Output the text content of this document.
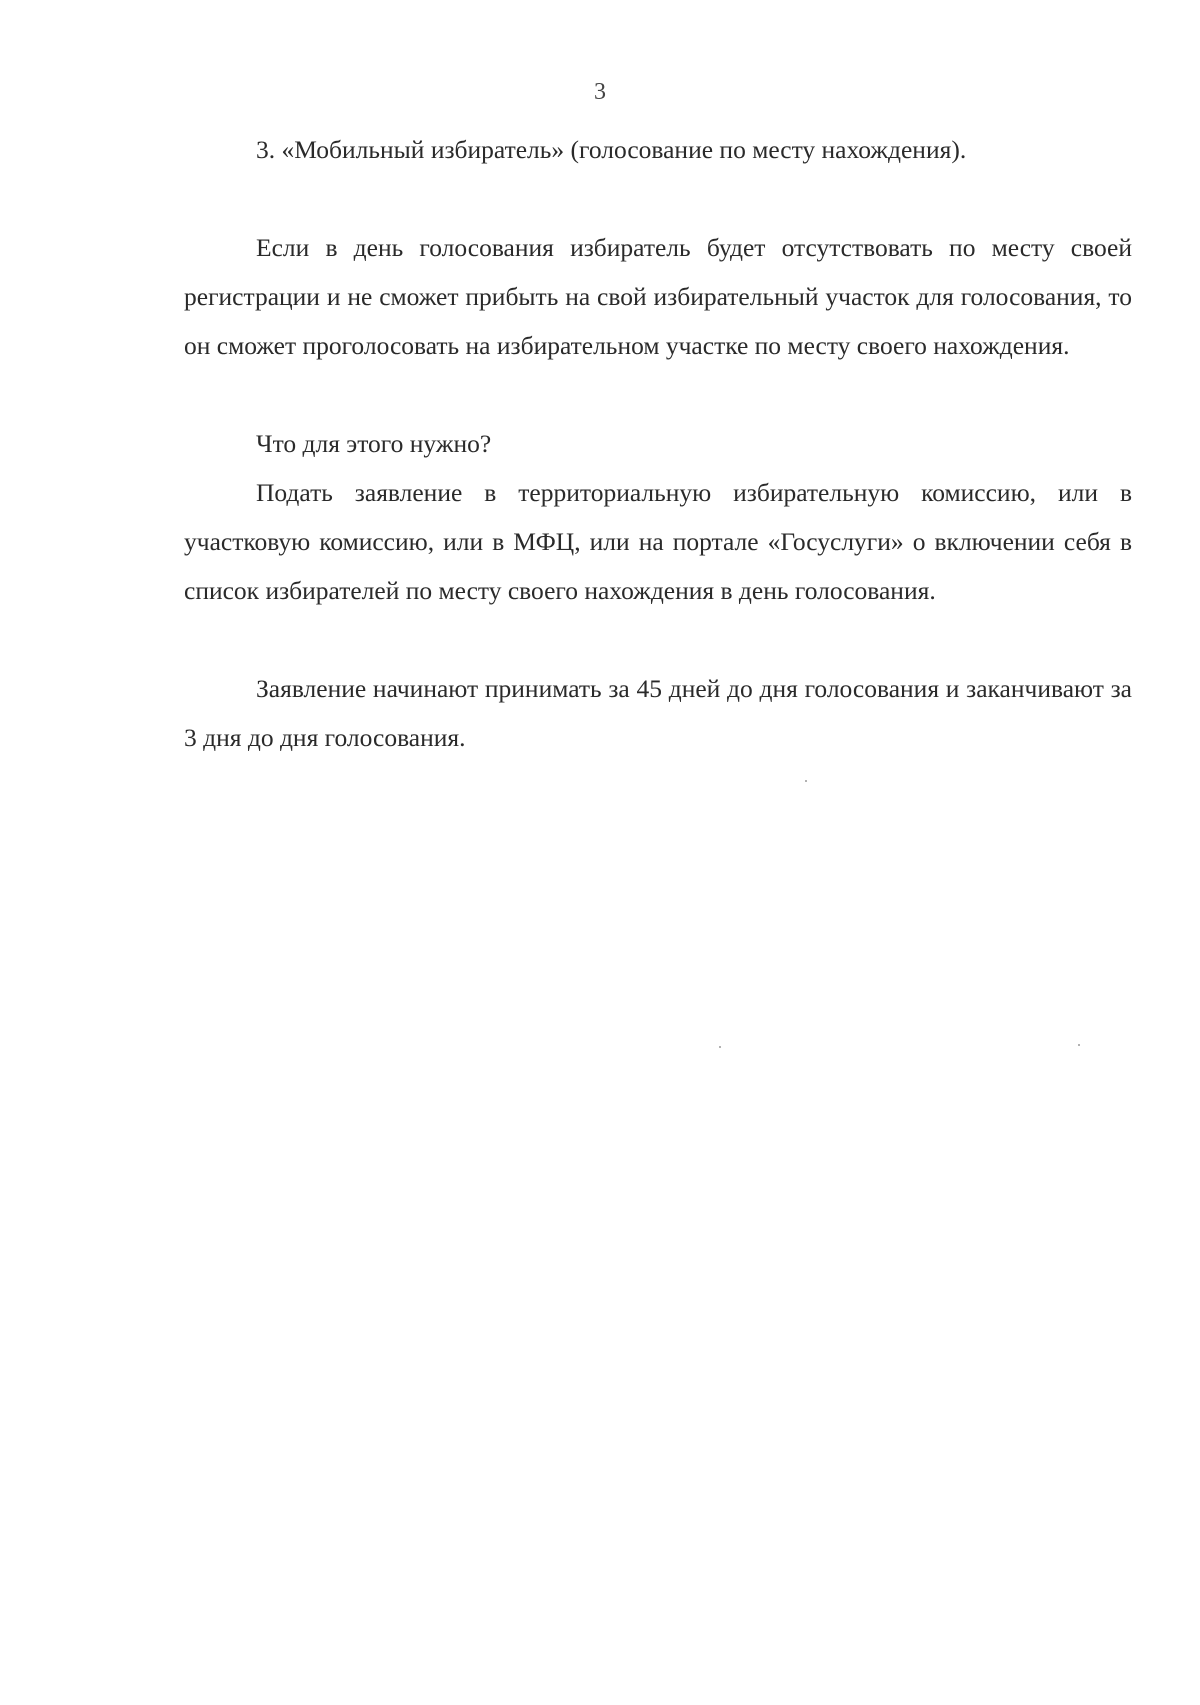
3

3. «Мобильный избиратель» (голосование по месту нахождения).

Если в день голосования избиратель будет отсутствовать по месту своей регистрации и не сможет прибыть на свой избирательный участок для голосования, то он сможет проголосовать на избирательном участке по месту своего нахождения.

Что для этого нужно?

Подать заявление в территориальную избирательную комиссию, или в участковую комиссию, или в МФЦ, или на портале «Госуслуги» о включении себя в список избирателей по месту своего нахождения в день голосования.

Заявление начинают принимать за 45 дней до дня голосования и заканчивают за 3 дня до дня голосования.
